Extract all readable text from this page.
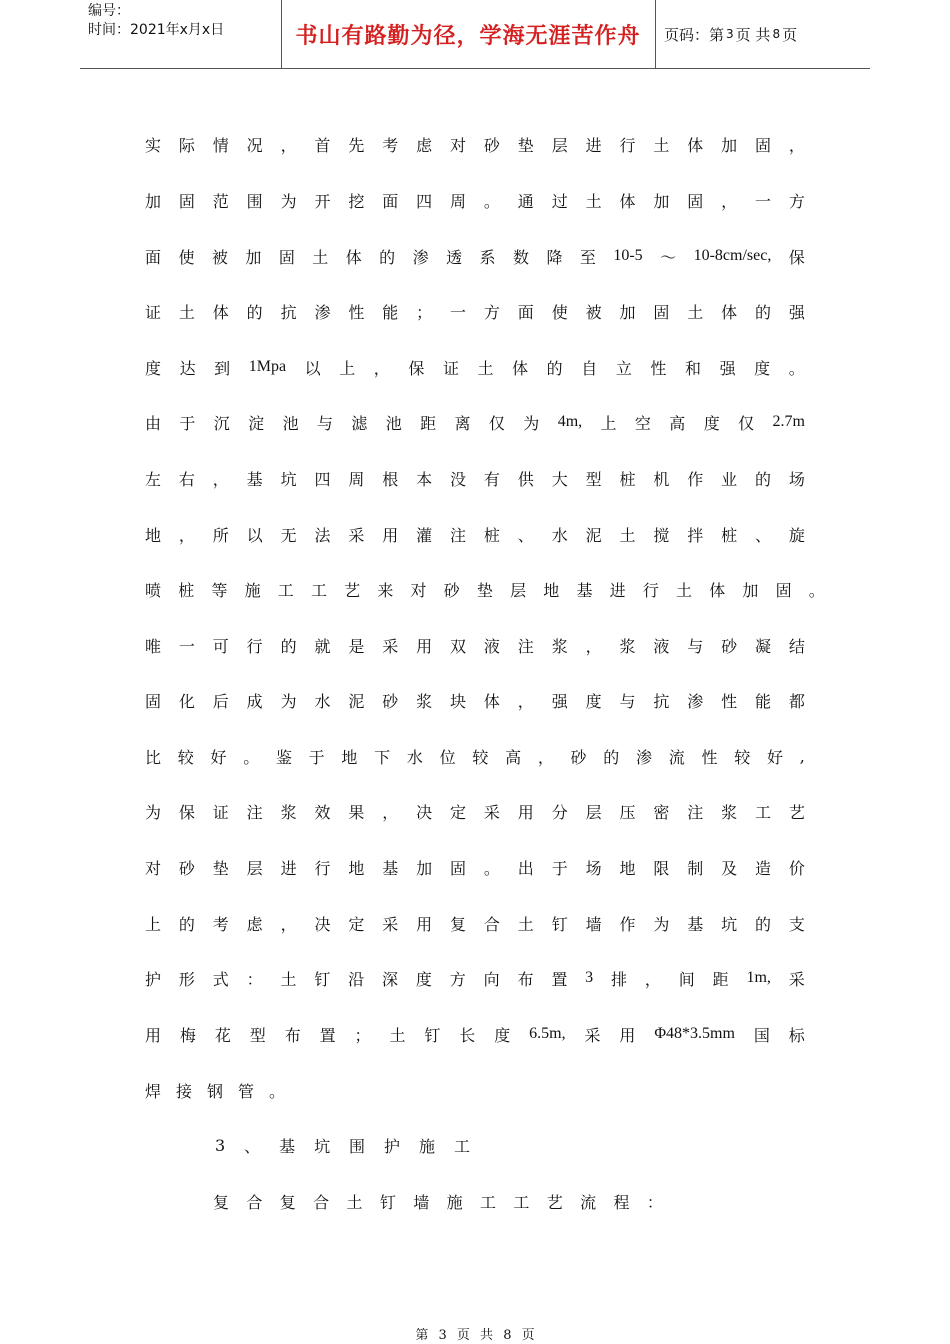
编号：
时间：2021年x月x日	书山有路勤为径，学海无涯苦作舟	页码：第 3 页 共 8 页
实 际 情 况 ， 首 先 考 虑 对 砂 垫 层 进 行 土 体 加 固 ，
加 固 范 围 为 开 挖 面 四 周 。 通 过 土 体 加 固 ， 一 方
面 使 被 加 固 土 体 的 渗 透 系 数 降 至 10-5 ～ 10-8cm/sec, 保
证 土 体 的 抗 渗 性 能 ； 一 方 面 使 被 加 固 土 体 的 强
度 达 到 1Mpa 以 上 ， 保 证 土 体 的 自 立 性 和 强 度 。
由 于 沉 淀 池 与 滤 池 距 离 仅 为 4m, 上 空 高 度 仅 2.7m
左 右 ， 基 坑 四 周 根 本 没 有 供 大 型 桩 机 作 业 的 场
地 ， 所 以 无 法 采 用 灌 注 桩 、 水 泥 土 搅 拌 桩 、 旋
喷 桩 等 施 工 工 艺 来 对 砂 垫 层 地 基 进 行 土 体 加 固 。
唯 一 可 行 的 就 是 采 用 双 液 注 浆 ， 浆 液 与 砂 凝 结
固 化 后 成 为 水 泥 砂 浆 块 体 ， 强 度 与 抗 渗 性 能 都
比 较 好 。 鉴 于 地 下 水 位 较 高 ， 砂 的 渗 流 性 较 好 ,
为 保 证 注 浆 效 果 ， 决 定 采 用 分 层 压 密 注 浆 工 艺
对 砂 垫 层 进 行 地 基 加 固 。 出 于 场 地 限 制 及 造 价
上 的 考 虑 ， 决 定 采 用 复 合 土 钉 墙 作 为 基 坑 的 支
护 形 式 ： 土 钉 沿 深 度 方 向 布 置 3 排 ， 间 距 1m, 采
用 梅 花 型 布 置 ； 土 钉 长 度 6.5m, 采 用 Φ48*3.5mm 国 标
焊 接 钢 管 。
3 、 基 坑 围 护 施 工
复 合 复 合 土 钉 墙 施 工 工 艺 流 程 ：
第 3 页 共 8 页
